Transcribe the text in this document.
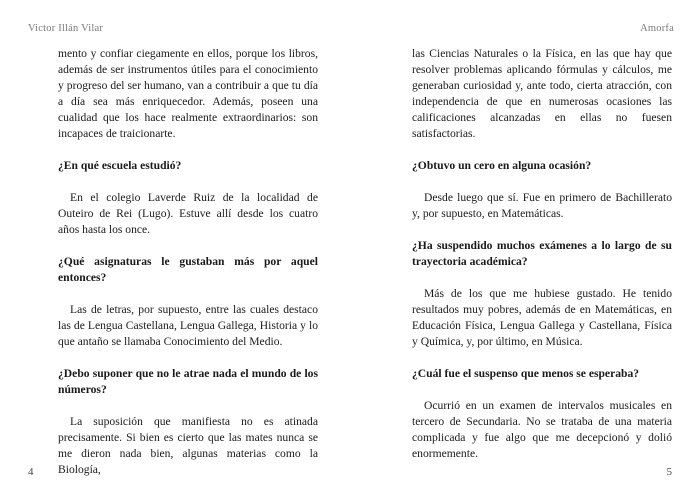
Victor Illán Vilar

mento y confiar ciegamente en ellos, porque los libros, además de ser instrumentos útiles para el conocimiento y progreso del ser humano, van a contribuir a que tu día a día sea más enriquecedor. Además, poseen una cualidad que los hace realmente extraordinarios: son incapaces de traicionarte.

¿En qué escuela estudió?

En el colegio Laverde Ruiz de la localidad de Outeiro de Rei (Lugo). Estuve allí desde los cuatro años hasta los once.

¿Qué asignaturas le gustaban más por aquel entonces?

Las de letras, por supuesto, entre las cuales destaco las de Lengua Castellana, Lengua Gallega, Historia y lo que antaño se llamaba Conocimiento del Medio.

¿Debo suponer que no le atrae nada el mundo de los números?

La suposición que manifiesta no es atinada precisamente. Si bien es cierto que las mates nunca se me dieron nada bien, algunas materias como la Biología,

4
Amorfa

las Ciencias Naturales o la Física, en las que hay que resolver problemas aplicando fórmulas y cálculos, me generaban curiosidad y, ante todo, cierta atracción, con independencia de que en numerosas ocasiones las calificaciones alcanzadas en ellas no fuesen satisfactorias.

¿Obtuvo un cero en alguna ocasión?

Desde luego que sí. Fue en primero de Bachillerato y, por supuesto, en Matemáticas.

¿Ha suspendido muchos exámenes a lo largo de su trayectoria académica?

Más de los que me hubiese gustado. He tenido resultados muy pobres, además de en Matemáticas, en Educación Física, Lengua Gallega y Castellana, Física y Química, y, por último, en Música.

¿Cuál fue el suspenso que menos se esperaba?

Ocurrió en un examen de intervalos musicales en tercero de Secundaria. No se trataba de una materia complicada y fue algo que me decepcionó y dolió enormemente.

5
